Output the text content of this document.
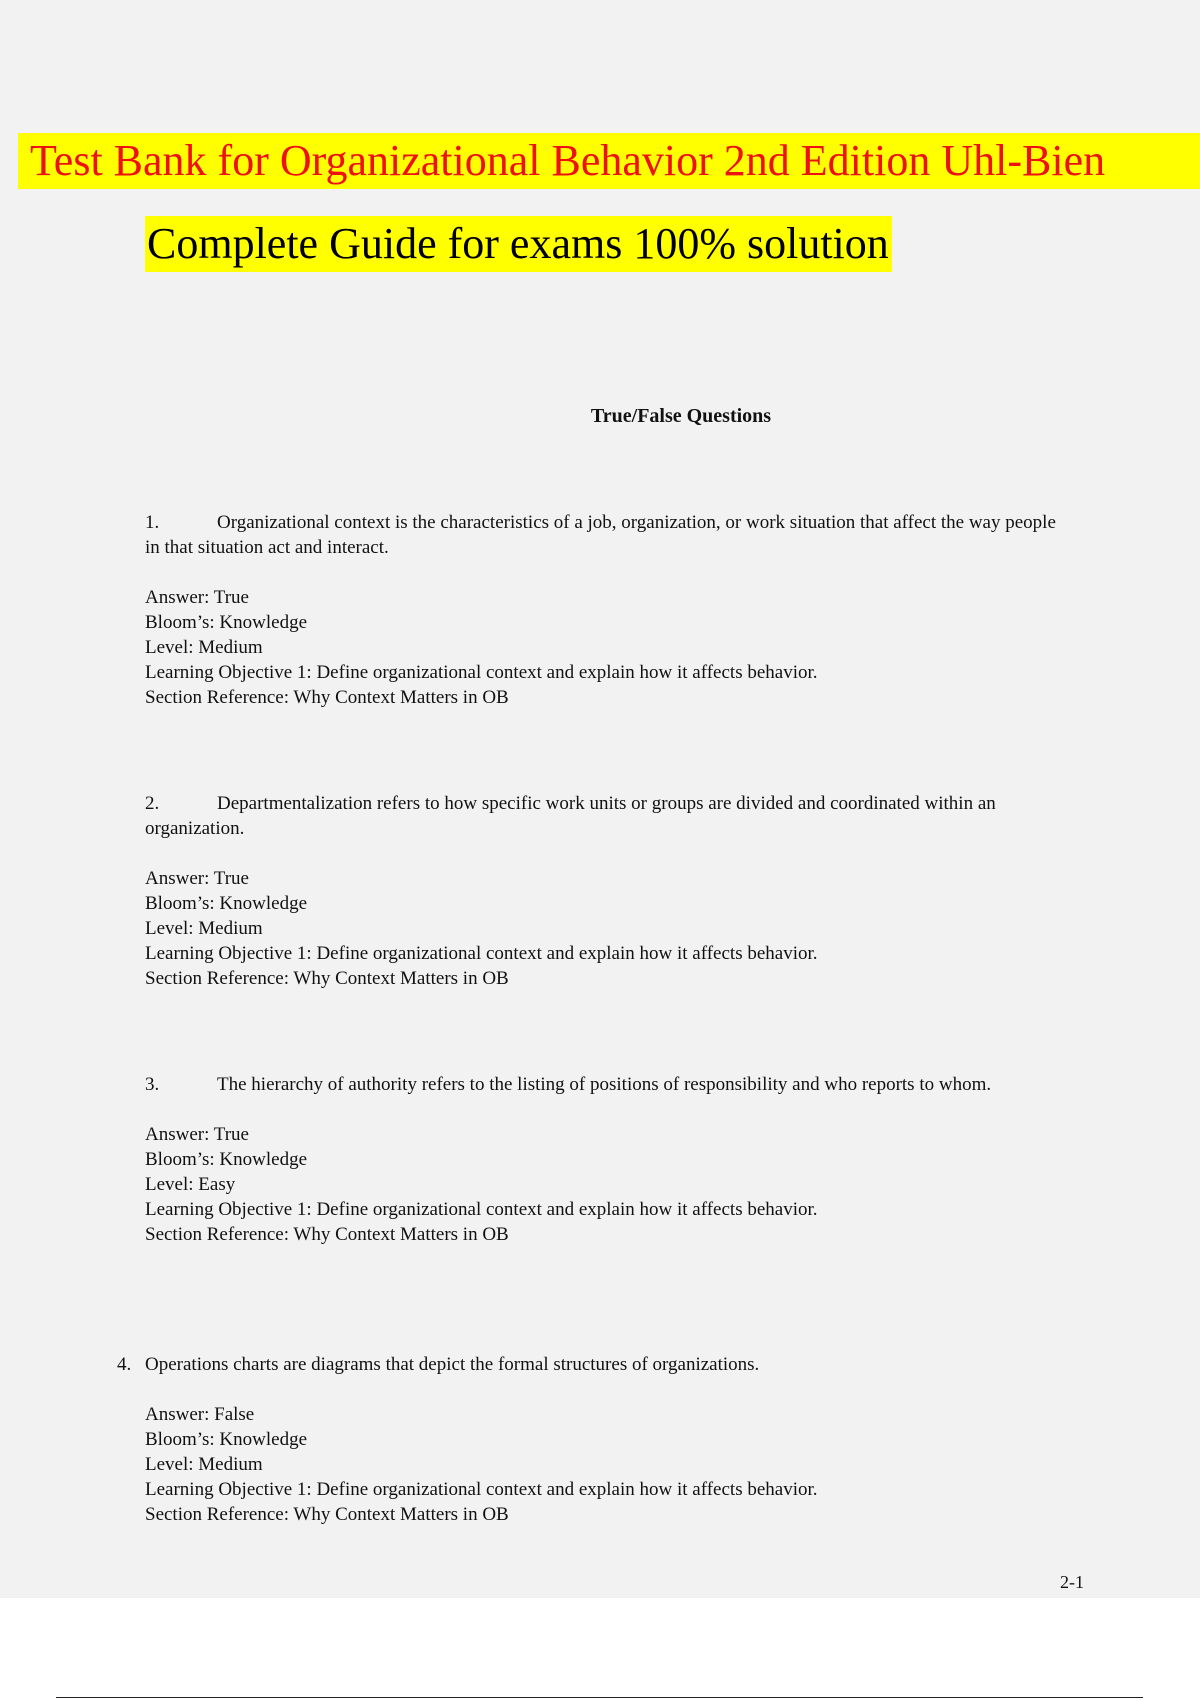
Test Bank for Organizational Behavior 2nd Edition Uhl-Bien
Complete Guide for exams 100% solution
True/False Questions

1.	Organizational context is the characteristics of a job, organization, or work situation that affect the way people in that situation act and interact.

Answer: True
Bloom’s: Knowledge
Level: Medium
Learning Objective 1: Define organizational context and explain how it affects behavior.
Section Reference: Why Context Matters in OB

2.	Departmentalization refers to how specific work units or groups are divided and coordinated within an organization.

Answer: True
Bloom’s: Knowledge
Level: Medium
Learning Objective 1: Define organizational context and explain how it affects behavior.
Section Reference: Why Context Matters in OB

3.	The hierarchy of authority refers to the listing of positions of responsibility and who reports to whom.

Answer: True
Bloom’s: Knowledge
Level: Easy
Learning Objective 1: Define organizational context and explain how it affects behavior.
Section Reference: Why Context Matters in OB

4. Operations charts are diagrams that depict the formal structures of organizations.

Answer: False
Bloom’s: Knowledge
Level: Medium
Learning Objective 1: Define organizational context and explain how it affects behavior.
Section Reference: Why Context Matters in OB
2-1
